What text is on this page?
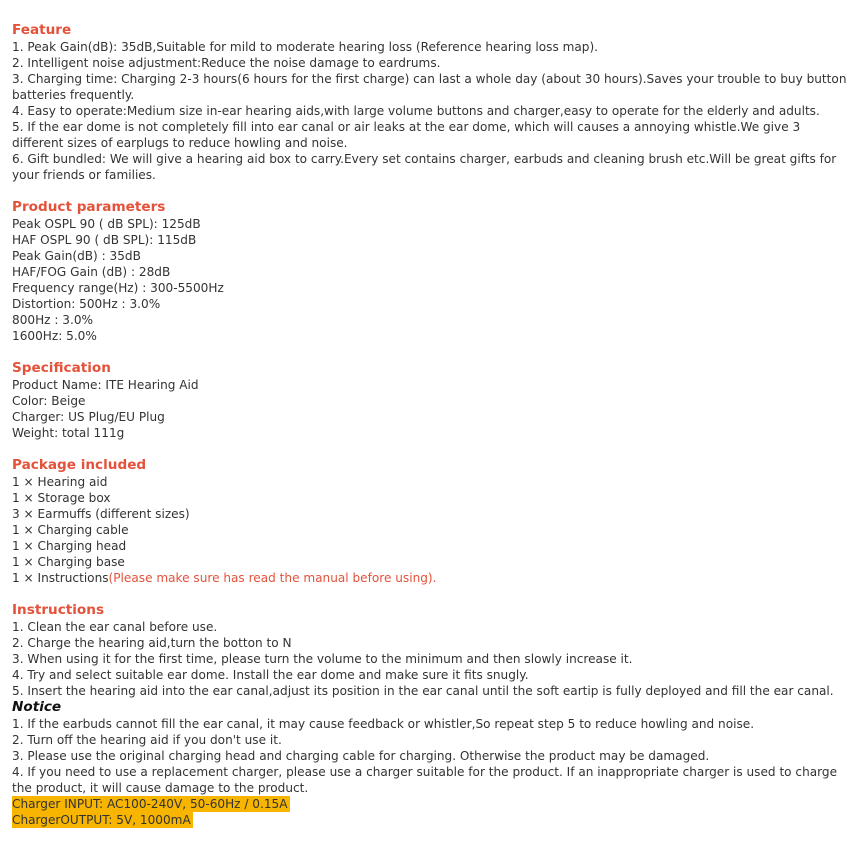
Feature

1. Peak Gain(dB): 35dB,Suitable for mild to moderate hearing loss (Reference hearing loss map).

2. Intelligent noise adjustment:Reduce the noise damage to eardrums.

3. Charging time: Charging 2-3 hours(6 hours for the first charge) can last a whole day (about 30 hours).Saves your trouble to buy button batteries frequently.

4. Easy to operate:Medium size in-ear hearing aids,with large volume buttons and charger,easy to operate for the elderly and adults.

5. If the ear dome is not completely fill into ear canal or air leaks at the ear dome, which will causes a annoying whistle.We give 3 different sizes of earplugs to reduce howling and noise.

6. Gift bundled: We will give a hearing aid box to carry.Every set contains charger, earbuds and cleaning brush etc.Will be great gifts for your friends or families.

Product parameters

Peak OSPL 90 ( dB SPL): 125dB

HAF OSPL 90 ( dB SPL): 115dB

Peak Gain(dB) : 35dB

HAF/FOG Gain (dB) : 28dB

Frequency range(Hz) : 300-5500Hz

Distortion: 500Hz : 3.0%

800Hz : 3.0%

1600Hz: 5.0%

Specification

Product Name: ITE Hearing Aid

Color: Beige

Charger: US Plug/EU Plug

Weight: total 111g

Package included

1 × Hearing aid

1 × Storage box

3 × Earmuffs (different sizes)

1 × Charging cable

1 × Charging head

1 × Charging base

1 × Instructions(Please make sure has read the manual before using).

Instructions

1. Clean the ear canal before use.

2. Charge the hearing aid,turn the botton to N

3. When using it for the first time, please turn the volume to the minimum and then slowly increase it.

4. Try and select suitable ear dome. Install the ear dome and make sure it fits snugly.

5. Insert the hearing aid into the ear canal,adjust its position in the ear canal until the soft eartip is fully deployed and fill the ear canal.

Notice

1. If the earbuds cannot fill the ear canal, it may cause feedback or whistler,So repeat step 5 to reduce howling and noise.

2. Turn off the hearing aid if you don't use it.

3. Please use the original charging head and charging cable for charging. Otherwise the product may be damaged.

4. If you need to use a replacement charger, please use a charger suitable for the product. If an inappropriate charger is used to charge the product, it will cause damage to the product.

Charger INPUT: AC100-240V, 50-60Hz / 0.15A

ChargerOUTPUT: 5V, 1000mA
